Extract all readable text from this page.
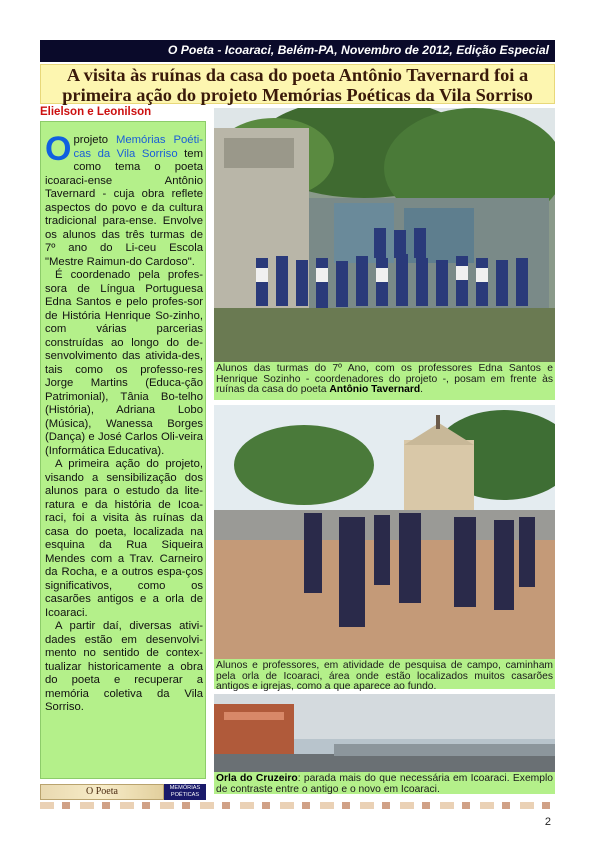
O Poeta - Icoaraci, Belém-PA, Novembro de 2012, Edição Especial
A visita às ruínas da casa do poeta Antônio Tavernard foi a
primeira ação do projeto Memórias Poéticas da Vila Sorriso
Elielson e Leonilson

O projeto Memórias Poéti-cas da Vila Sorriso tem como tema o poeta icoaraci-ense Antônio Tavernard - cuja obra reflete aspectos do povo e da cultura tradicional para-ense. Envolve os alunos das três turmas de 7º ano do Li-ceu Escola "Mestre Raimun-do Cardoso".

É coordenado pela profes-sora de Língua Portuguesa Edna Santos e pelo profes-sor de História Henrique So-zinho, com várias parcerias construídas ao longo do de-senvolvimento das ativida-des, tais como os professo-res Jorge Martins (Educa-ção Patrimonial), Tânia Bo-telho (História), Adriana Lobo (Música), Wanessa Borges (Dança) e José Carlos Oli-veira (Informática Educativa).

A primeira ação do projeto, visando a sensibilização dos alunos para o estudo da lite-ratura e da história de Icoa-raci, foi a visita às ruínas da casa do poeta, localizada na esquina da Rua Siqueira Mendes com a Trav. Carneiro da Rocha, e a outros espa-ços significativos, como os casarões antigos e a orla de Icoaraci.

A partir daí, diversas ativi-dades estão em desenvolvi-mento no sentido de contex-tualizar historicamente a obra do poeta e recuperar a memória coletiva da Vila Sorriso.

Alunos das turmas do 7º Ano, com os professores Edna Santos e Henrique Sozinho - coordenadores do projeto -, posam em frente às ruínas da casa do poeta Antônio Tavernard.
Alunos e professores, em atividade de pesquisa de campo, caminham pela orla de Icoaraci, área onde estão localizados muitos casarões antigos e igrejas, como a que aparece ao fundo.
Orla do Cruzeiro: parada mais do que necessária em Icoaraci. Exemplo de contraste entre o antigo e o novo em Icoaraci.
O Poeta	MEMÓRIAS
POÉTICAS
2
